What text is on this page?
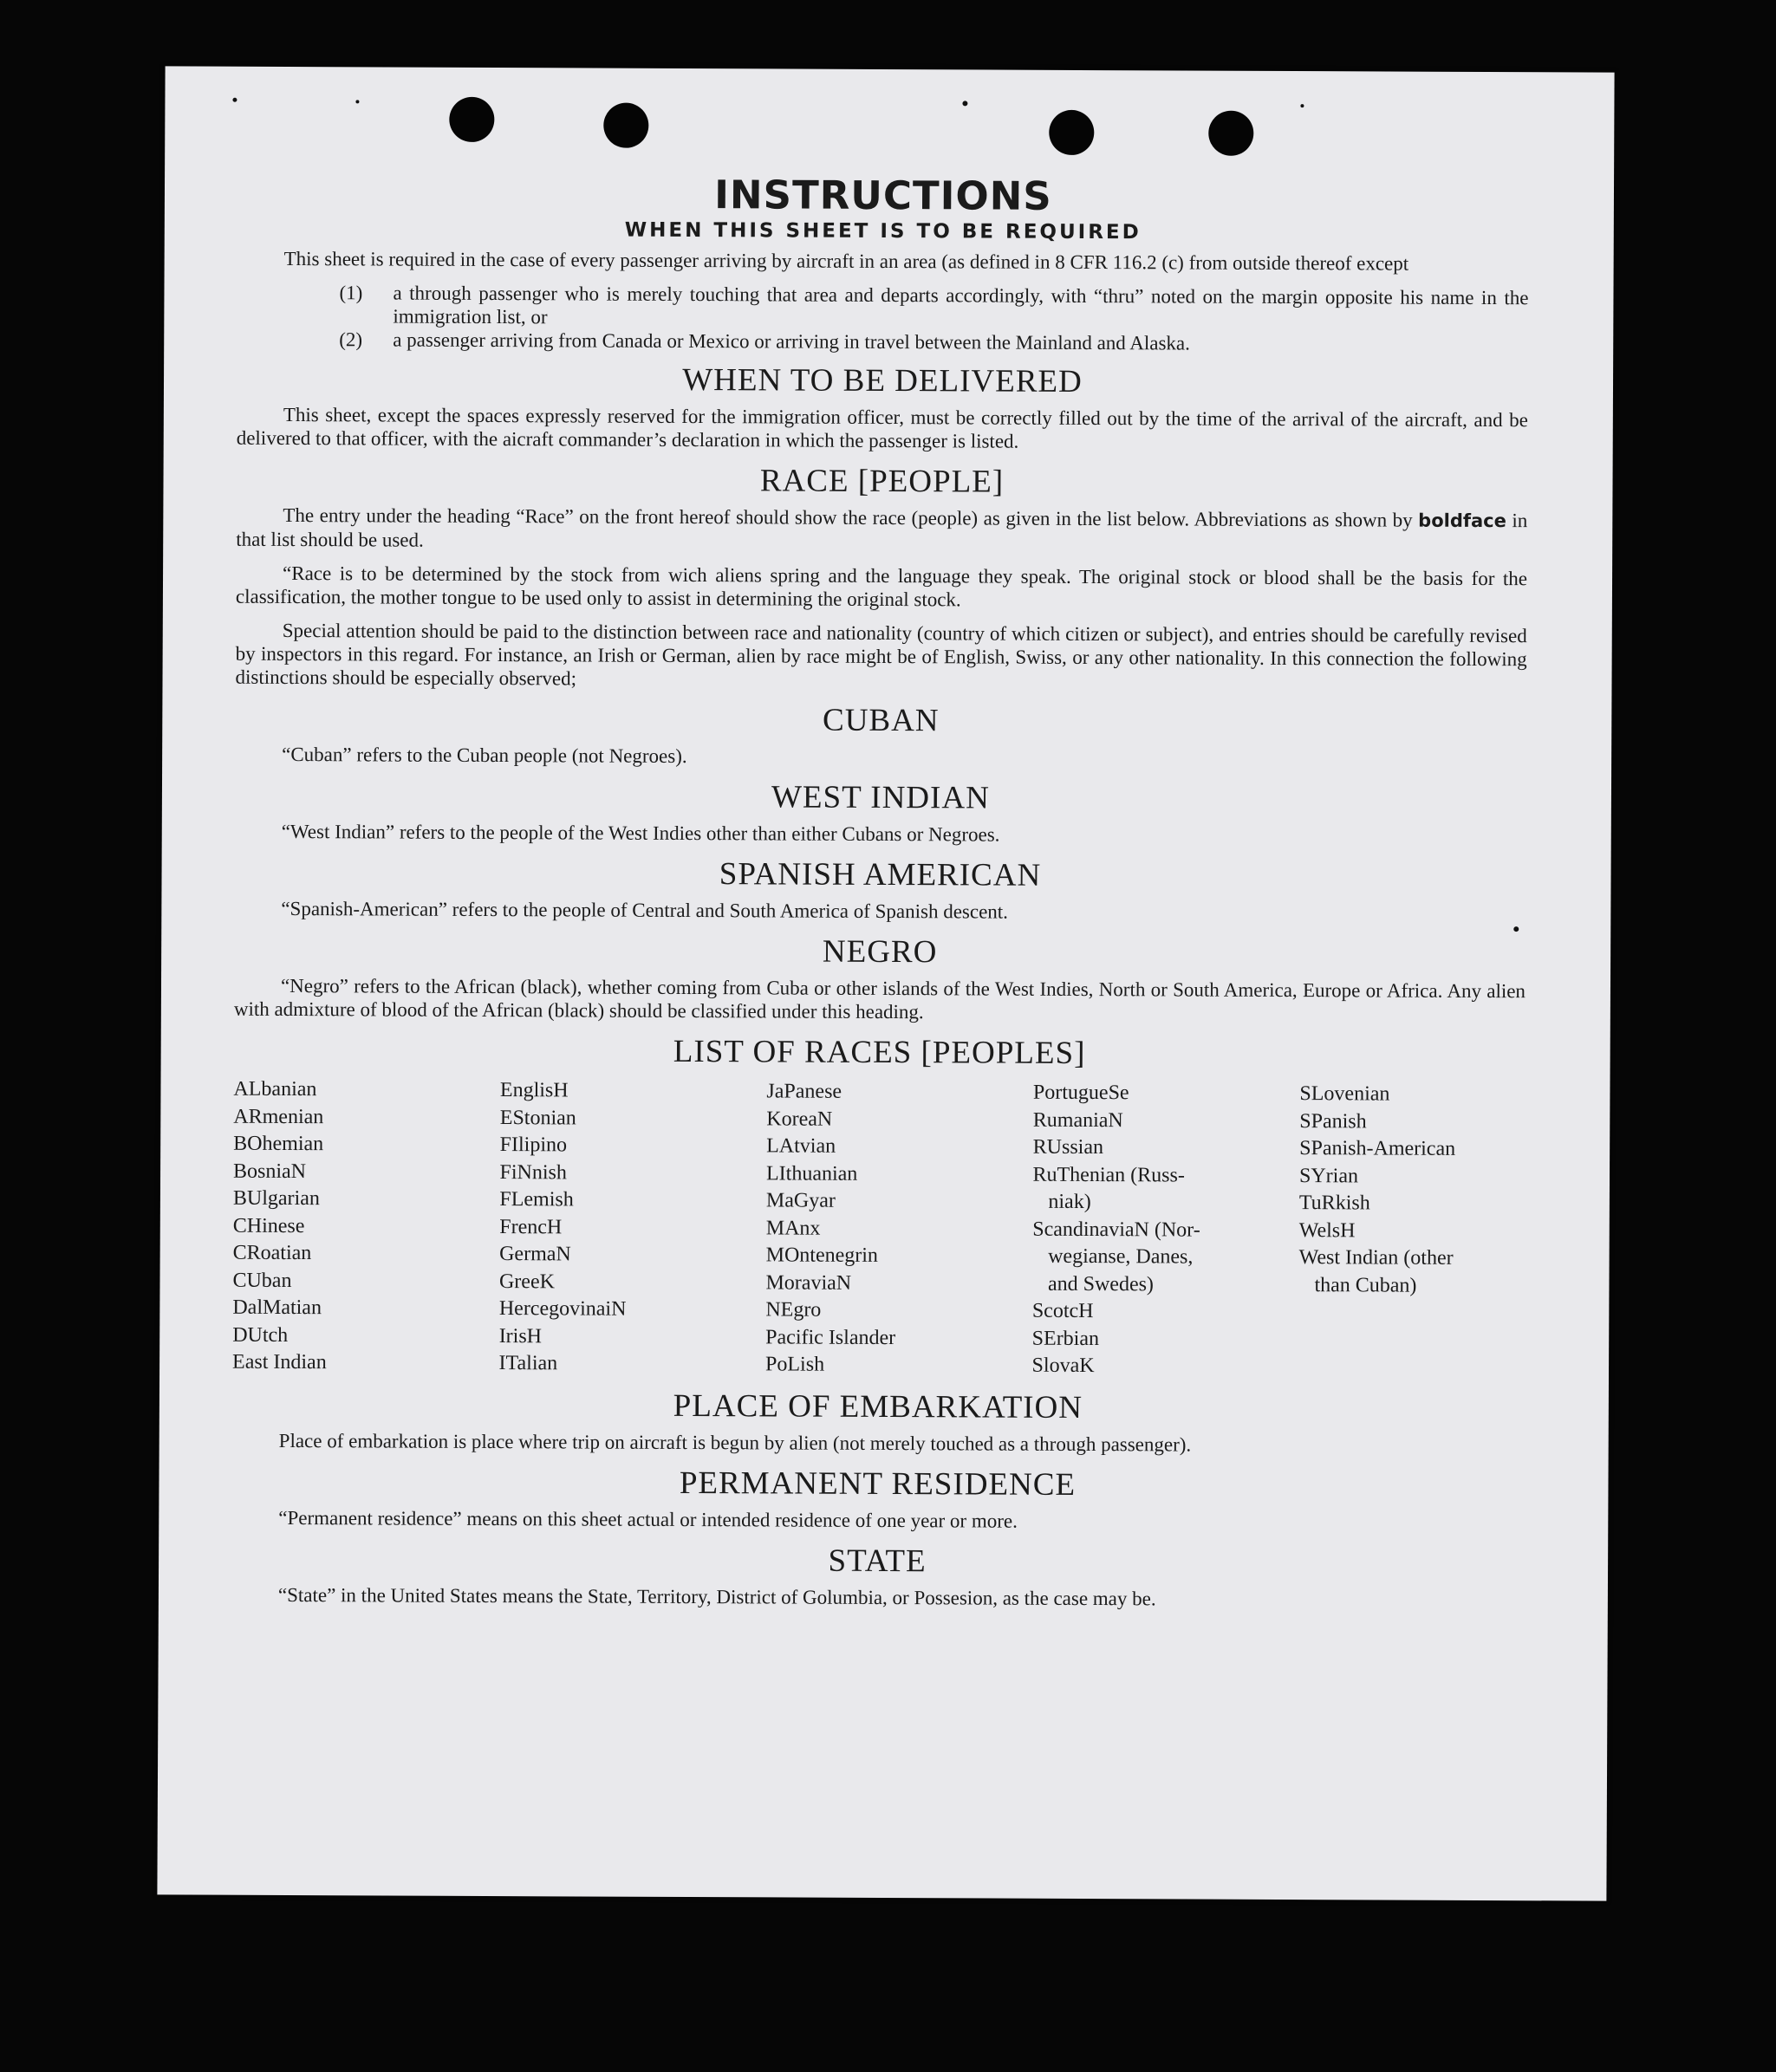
INSTRUCTIONS
WHEN THIS SHEET IS TO BE REQUIRED

This sheet is required in the case of every passenger arriving by aircraft in an area (as defined in 8 CFR 116.2 (c) from outside thereof except

(1)	a through passenger who is merely touching that area and departs accordingly, with “thru” noted on the margin opposite his name in the immigration list, or
(2)	a passenger arriving from Canada or Mexico or arriving in travel between the Mainland and Alaska.
WHEN TO BE DELIVERED

This sheet, except the spaces expressly reserved for the immigration officer, must be correctly filled out by the time of the arrival of the aircraft, and be delivered to that officer, with the aicraft commander’s declaration in which the passenger is listed.

RACE [PEOPLE]

The entry under the heading “Race” on the front hereof should show the race (people) as given in the list below. Abbreviations as shown by boldface in that list should be used.

“Race is to be determined by the stock from wich aliens spring and the language they speak. The original stock or blood shall be the basis for the classification, the mother tongue to be used only to assist in determining the original stock.

Special attention should be paid to the distinction between race and nationality (country of which citizen or subject), and entries should be carefully revised by inspectors in this regard. For instance, an Irish or German, alien by race might be of English, Swiss, or any other nationality. In this connection the following distinctions should be especially observed;

CUBAN

“Cuban” refers to the Cuban people (not Negroes).

WEST INDIAN

“West Indian” refers to the people of the West Indies other than either Cubans or Negroes.

SPANISH AMERICAN

“Spanish-American” refers to the people of Central and South America of Spanish descent.

NEGRO

“Negro” refers to the African (black), whether coming from Cuba or other islands of the West Indies, North or South America, Europe or Africa. Any alien with admixture of blood of the African (black) should be classified under this heading.

LIST OF RACES [PEOPLES]
ALbanian
ARmenian
BOhemian
BosniaN
BUlgarian
CHinese
CRoatian
CUban
DalMatian
DUtch
East Indian
EnglisH
EStonian
FIlipino
FiNnish
FLemish
FrencH
GermaN
GreeK
HercegovinaiN
IrisH
ITalian
JaPanese
KoreaN
LAtvian
LIthuanian
MaGyar
MAnx
MOntenegrin
MoraviaN
NEgro
Pacific Islander
PoLish
PortugueSe
RumaniaN
RUssian
RuThenian (Russ-
niak)
ScandinaviaN (Nor-
wegianse, Danes,
and Swedes)
ScotcH
SErbian
SlovaK
SLovenian
SPanish
SPanish-American
SYrian
TuRkish
WelsH
West Indian (other
than Cuban)
PLACE OF EMBARKATION

Place of embarkation is place where trip on aircraft is begun by alien (not merely touched as a through passenger).

PERMANENT RESIDENCE

“Permanent residence” means on this sheet actual or intended residence of one year or more.

STATE

“State” in the United States means the State, Territory, District of Golumbia, or Possesion, as the case may be.
